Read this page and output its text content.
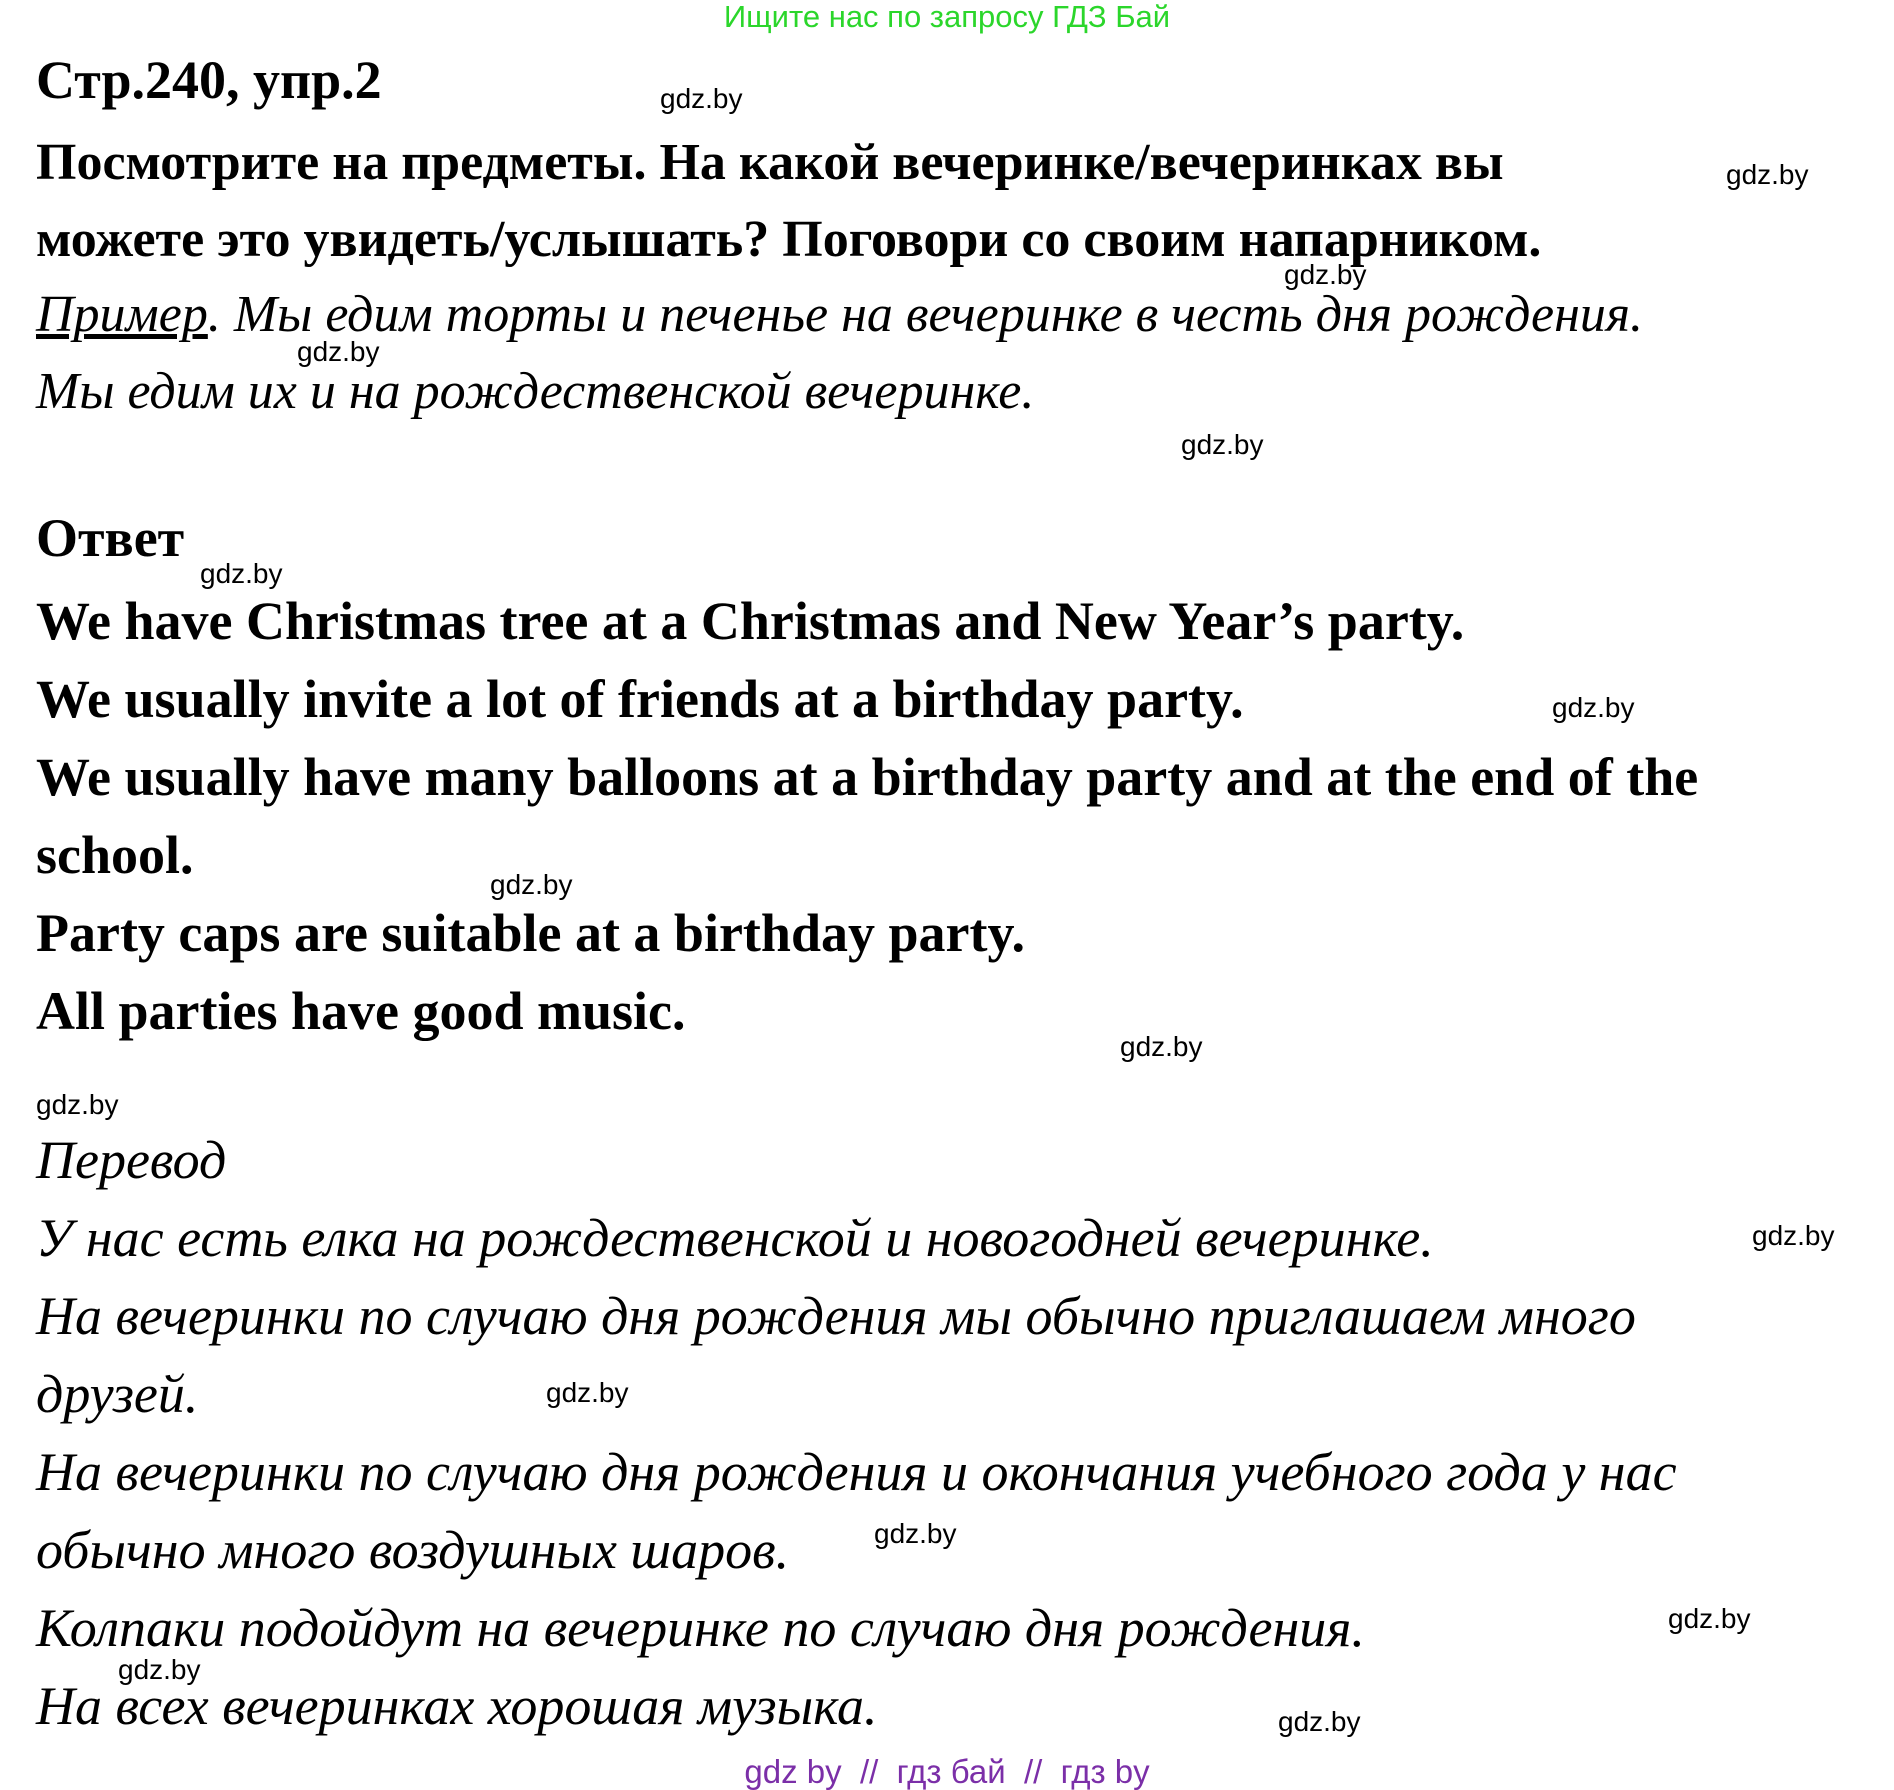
Ищите нас по запросу ГДЗ Бай
Стр.240, упр.2
Посмотрите на предметы. На какой вечеринке/вечеринках вы
можете это увидеть/услышать? Поговори со своим напарником.
Пример. Мы едим торты и печенье на вечеринке в честь дня рождения.
Мы едим их и на рождественской вечеринке.
Ответ
We have Christmas tree at a Christmas and New Year’s party.
We usually invite a lot of friends at a birthday party.
We usually have many balloons at a birthday party and at the end of the
school.
Party caps are suitable at a birthday party.
All parties have good music.
Перевод
У нас есть елка на рождественской и новогодней вечеринке.
На вечеринки по случаю дня рождения мы обычно приглашаем много
друзей.
На вечеринки по случаю дня рождения и окончания учебного года у нас
обычно много воздушных шаров.
Колпаки подойдут на вечеринке по случаю дня рождения.
На всех вечеринках хорошая музыка.
gdz.by
gdz.by
gdz.by
gdz.by
gdz.by
gdz.by
gdz.by
gdz.by
gdz.by
gdz.by
gdz.by
gdz.by
gdz.by
gdz.by
gdz.by
gdz.by
gdz by  //  гдз бай  //  гдз by
